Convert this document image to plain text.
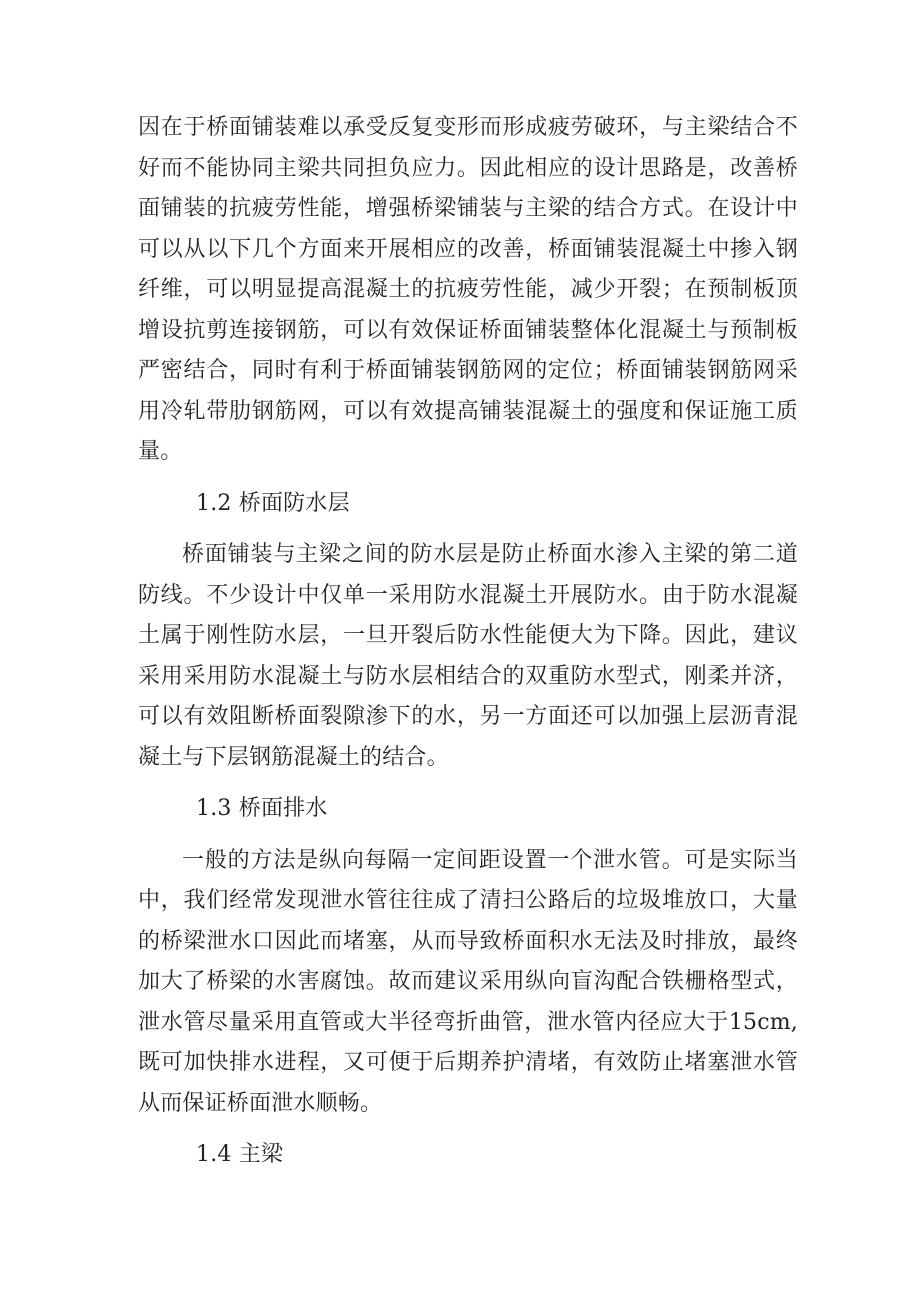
因在于桥面铺装难以承受反复变形而形成疲劳破环，与主梁结合不好而不能协同主梁共同担负应力。因此相应的设计思路是，改善桥面铺装的抗疲劳性能，增强桥梁铺装与主梁的结合方式。在设计中可以从以下几个方面来开展相应的改善，桥面铺装混凝土中掺入钢纤维，可以明显提高混凝土的抗疲劳性能，减少开裂；在预制板顶增设抗剪连接钢筋，可以有效保证桥面铺装整体化混凝土与预制板严密结合，同时有利于桥面铺装钢筋网的定位；桥面铺装钢筋网采用冷轧带肋钢筋网，可以有效提高铺装混凝土的强度和保证施工质量。

1.2 桥面防水层

桥面铺装与主梁之间的防水层是防止桥面水渗入主梁的第二道防线。不少设计中仅单一采用防水混凝土开展防水。由于防水混凝土属于刚性防水层，一旦开裂后防水性能便大为下降。因此，建议采用采用防水混凝土与防水层相结合的双重防水型式，刚柔并济，可以有效阻断桥面裂隙渗下的水，另一方面还可以加强上层沥青混凝土与下层钢筋混凝土的结合。

1.3 桥面排水

一般的方法是纵向每隔一定间距设置一个泄水管。可是实际当中，我们经常发现泄水管往往成了清扫公路后的垃圾堆放口，大量的桥梁泄水口因此而堵塞，从而导致桥面积水无法及时排放，最终加大了桥梁的水害腐蚀。故而建议采用纵向盲沟配合铁栅格型式，泄水管尽量采用直管或大半径弯折曲管，泄水管内径应大于15cm,既可加快排水进程，又可便于后期养护清堵，有效防止堵塞泄水管从而保证桥面泄水顺畅。

1.4 主梁
